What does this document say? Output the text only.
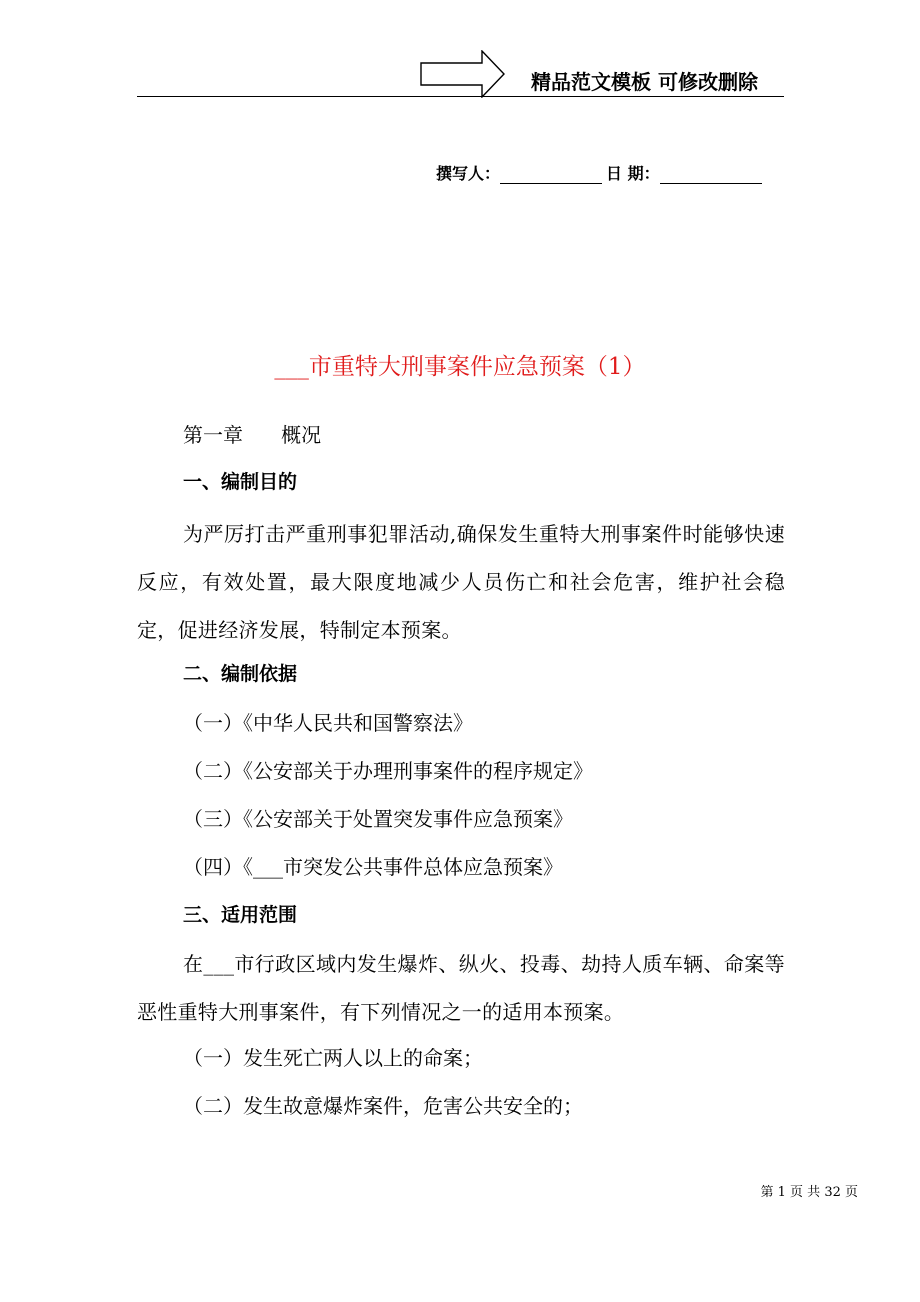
精品范文模板 可修改删除
撰写人：	日 期：
___市重特大刑事案件应急预案（1）
第一章      概况
一、编制目的
为严厉打击严重刑事犯罪活动,确保发生重特大刑事案件时能够快速反应，有效处置，最大限度地减少人员伤亡和社会危害，维护社会稳定，促进经济发展，特制定本预案。
二、编制依据
（一）《中华人民共和国警察法》
（二）《公安部关于办理刑事案件的程序规定》
（三）《公安部关于处置突发事件应急预案》
（四）《___市突发公共事件总体应急预案》
三、适用范围
在___市行政区域内发生爆炸、纵火、投毒、劫持人质车辆、命案等恶性重特大刑事案件，有下列情况之一的适用本预案。
（一）发生死亡两人以上的命案；
（二）发生故意爆炸案件，危害公共安全的；
第 1 页 共 32 页
